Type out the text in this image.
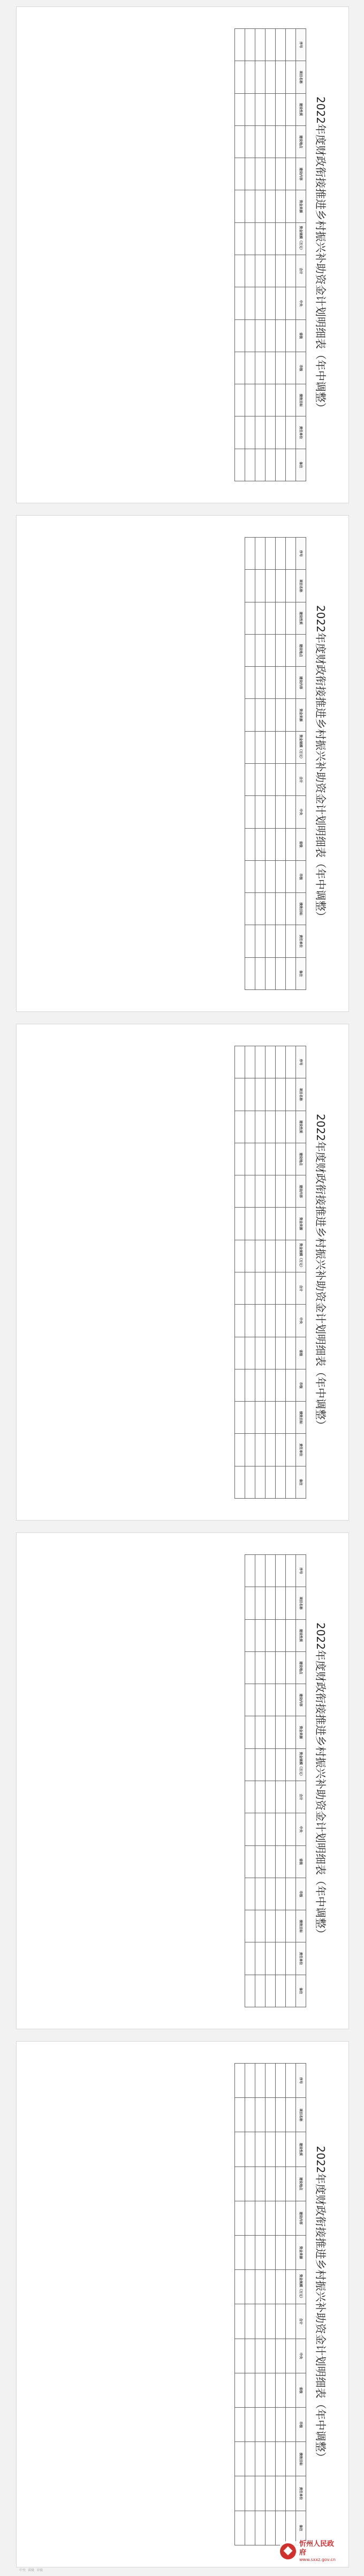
2022年度财政衔接推进乡村振兴补助资金计划明细表（年中调整）
序号	项目名称	建设性质	建设地点	建设内容	资金来源	资金规模（万元）	合计	中央	省级	市级	绩效目标	责任单位	备注

2022年度财政衔接推进乡村振兴补助资金计划明细表（年中调整）
序号	项目名称	建设性质	建设地点	建设内容	资金来源	资金规模（万元）	合计	中央	省级	市级	绩效目标	责任单位	备注

2022年度财政衔接推进乡村振兴补助资金计划明细表（年中调整）
序号	项目名称	建设性质	建设地点	建设内容	资金来源	资金规模（万元）	合计	中央	省级	市级	绩效目标	责任单位	备注

2022年度财政衔接推进乡村振兴补助资金计划明细表（年中调整）
序号	项目名称	建设性质	建设地点	建设内容	资金来源	资金规模（万元）	合计	中央	省级	市级	绩效目标	责任单位	备注

2022年度财政衔接推进乡村振兴补助资金计划明细表（年中调整）
序号	项目名称	建设性质	建设地点	建设内容	资金来源	资金规模（万元）	合计	中央	省级	市级	绩效目标	责任单位	备注

忻州人民政府
www.sxxz.gov.cn
中央 省级 市级
